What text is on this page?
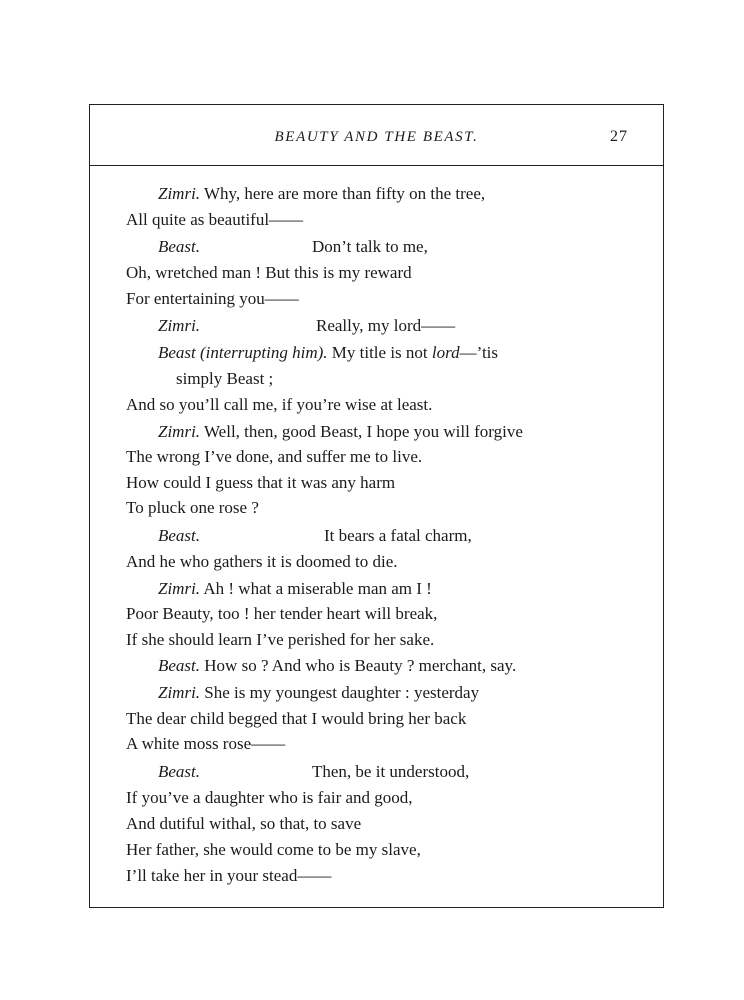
BEAUTY AND THE BEAST.	27
Zimri. Why, here are more than fifty on the tree,
All quite as beautiful——
Beast.	Don’t talk to me,
Oh, wretched man ! But this is my reward
For entertaining you——
Zimri.	Really, my lord——
Beast (interrupting him). My title is not lord—’tis
simply Beast ;
And so you’ll call me, if you’re wise at least.
Zimri. Well, then, good Beast, I hope you will forgive
The wrong I’ve done, and suffer me to live.
How could I guess that it was any harm
To pluck one rose ?
Beast.	It bears a fatal charm,
And he who gathers it is doomed to die.
Zimri. Ah ! what a miserable man am I !
Poor Beauty, too ! her tender heart will break,
If she should learn I’ve perished for her sake.
Beast. How so ? And who is Beauty ? merchant, say.
Zimri. She is my youngest daughter : yesterday
The dear child begged that I would bring her back
A white moss rose——
Beast.	Then, be it understood,
If you’ve a daughter who is fair and good,
And dutiful withal, so that, to save
Her father, she would come to be my slave,
I’ll take her in your stead——
